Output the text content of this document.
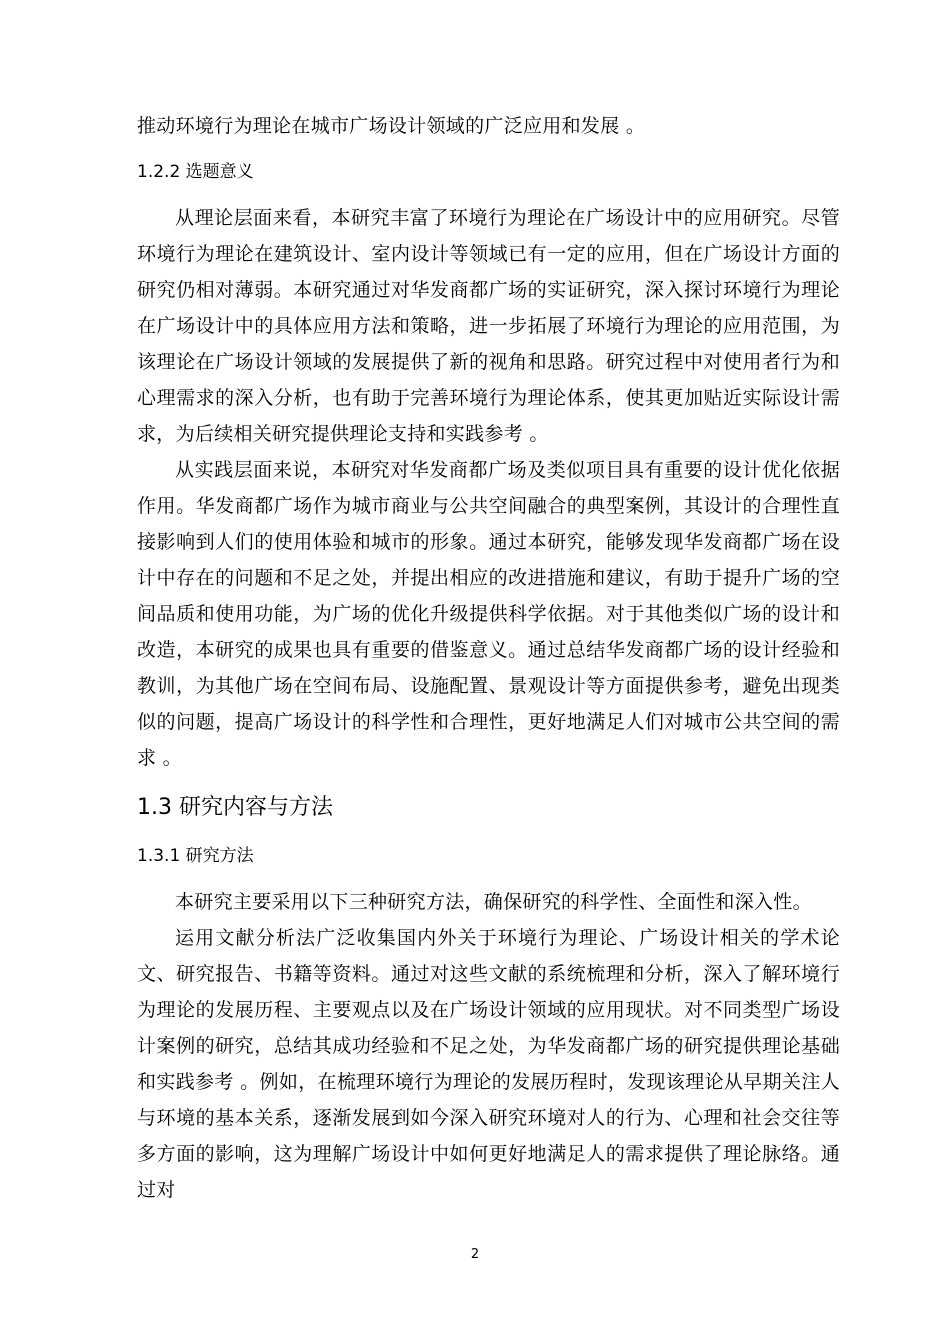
推动环境行为理论在城市广场设计领域的广泛应用和发展 。

1.2.2 选题意义

从理论层面来看，本研究丰富了环境行为理论在广场设计中的应用研究。尽管环境行为理论在建筑设计、室内设计等领域已有一定的应用，但在广场设计方面的研究仍相对薄弱。本研究通过对华发商都广场的实证研究，深入探讨环境行为理论在广场设计中的具体应用方法和策略，进一步拓展了环境行为理论的应用范围，为该理论在广场设计领域的发展提供了新的视角和思路。研究过程中对使用者行为和心理需求的深入分析，也有助于完善环境行为理论体系，使其更加贴近实际设计需求，为后续相关研究提供理论支持和实践参考 。

从实践层面来说，本研究对华发商都广场及类似项目具有重要的设计优化依据作用。华发商都广场作为城市商业与公共空间融合的典型案例，其设计的合理性直接影响到人们的使用体验和城市的形象。通过本研究，能够发现华发商都广场在设计中存在的问题和不足之处，并提出相应的改进措施和建议，有助于提升广场的空间品质和使用功能，为广场的优化升级提供科学依据。对于其他类似广场的设计和改造，本研究的成果也具有重要的借鉴意义。通过总结华发商都广场的设计经验和教训，为其他广场在空间布局、设施配置、景观设计等方面提供参考，避免出现类似的问题，提高广场设计的科学性和合理性，更好地满足人们对城市公共空间的需求 。

1.3 研究内容与方法
1.3.1 研究方法

本研究主要采用以下三种研究方法，确保研究的科学性、全面性和深入性。

运用文献分析法广泛收集国内外关于环境行为理论、广场设计相关的学术论文、研究报告、书籍等资料。通过对这些文献的系统梳理和分析，深入了解环境行为理论的发展历程、主要观点以及在广场设计领域的应用现状。对不同类型广场设计案例的研究，总结其成功经验和不足之处，为华发商都广场的研究提供理论基础和实践参考 。例如，在梳理环境行为理论的发展历程时，发现该理论从早期关注人与环境的基本关系，逐渐发展到如今深入研究环境对人的行为、心理和社会交往等多方面的影响，这为理解广场设计中如何更好地满足人的需求提供了理论脉络。通过对

2
